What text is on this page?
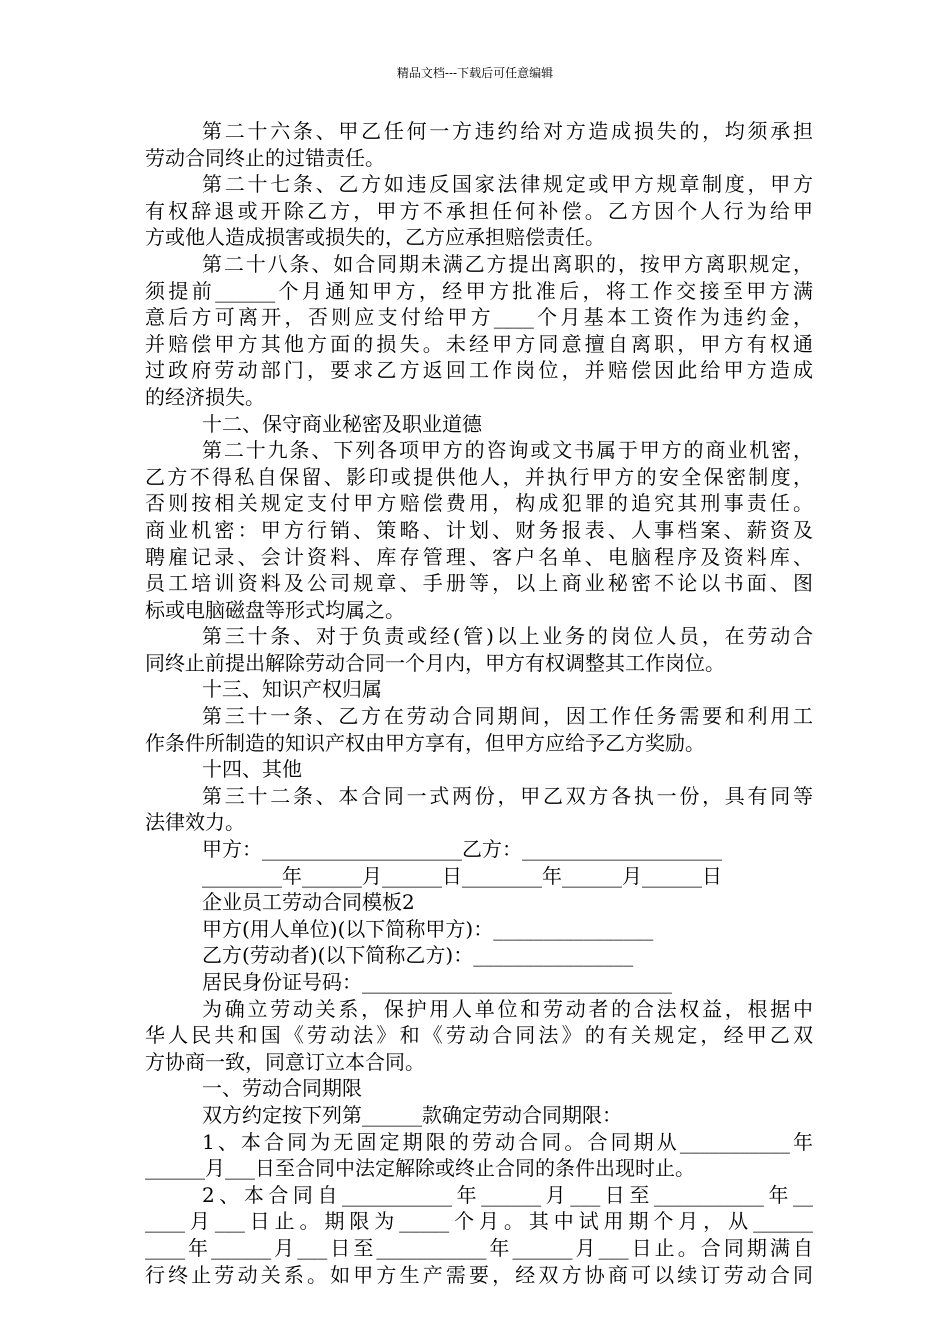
精品文档---下载后可任意编辑

第二十六条、甲乙任何一方违约给对方造成损失的，均须承担

劳动合同终止的过错责任。

第二十七条、乙方如违反国家法律规定或甲方规章制度，甲方

有权辞退或开除乙方，甲方不承担任何补偿。乙方因个人行为给甲

方或他人造成损害或损失的，乙方应承担赔偿责任。

第二十八条、如合同期未满乙方提出离职的，按甲方离职规定，

须提前______个月通知甲方，经甲方批准后，将工作交接至甲方满

意后方可离开，否则应支付给甲方____个月基本工资作为违约金，

并赔偿甲方其他方面的损失。未经甲方同意擅自离职，甲方有权通

过政府劳动部门，要求乙方返回工作岗位，并赔偿因此给甲方造成

的经济损失。

十二、保守商业秘密及职业道德

第二十九条、下列各项甲方的咨询或文书属于甲方的商业机密，

乙方不得私自保留、影印或提供他人，并执行甲方的安全保密制度，

否则按相关规定支付甲方赔偿费用，构成犯罪的追究其刑事责任。

商业机密：甲方行销、策略、计划、财务报表、人事档案、薪资及

聘雇记录、会计资料、库存管理、客户名单、电脑程序及资料库、

员工培训资料及公司规章、手册等，以上商业秘密不论以书面、图

标或电脑磁盘等形式均属之。

第三十条、对于负责或经(管)以上业务的岗位人员，在劳动合

同终止前提出解除劳动合同一个月内，甲方有权调整其工作岗位。

十三、知识产权归属

第三十一条、乙方在劳动合同期间，因工作任务需要和利用工

作条件所制造的知识产权由甲方享有，但甲方应给予乙方奖励。

十四、其他

第三十二条、本合同一式两份，甲乙双方各执一份，具有同等

法律效力。

甲方：____________________乙方：____________________

________年______月______日________年______月______日

企业员工劳动合同模板2

甲方(用人单位)(以下简称甲方)：________________

乙方(劳动者)(以下简称乙方)：________________

居民身份证号码：_______________________________

为确立劳动关系，保护用人单位和劳动者的合法权益，根据中

华人民共和国《劳动法》和《劳动合同法》的有关规定，经甲乙双

方协商一致，同意订立本合同。

一、劳动合同期限

双方约定按下列第______款确定劳动合同期限：

1、本合同为无固定期限的劳动合同。合同期从___________年

______月___日至合同中法定解除或终止合同的条件出现时止。

2、本合同自___________年______月___日至___________年__

____月___日止。期限为_____个月。其中试用期个月，从______

____年______月___日至___________年______月___日止。合同期满自

行终止劳动关系。如甲方生产需要，经双方协商可以续订劳动合同
